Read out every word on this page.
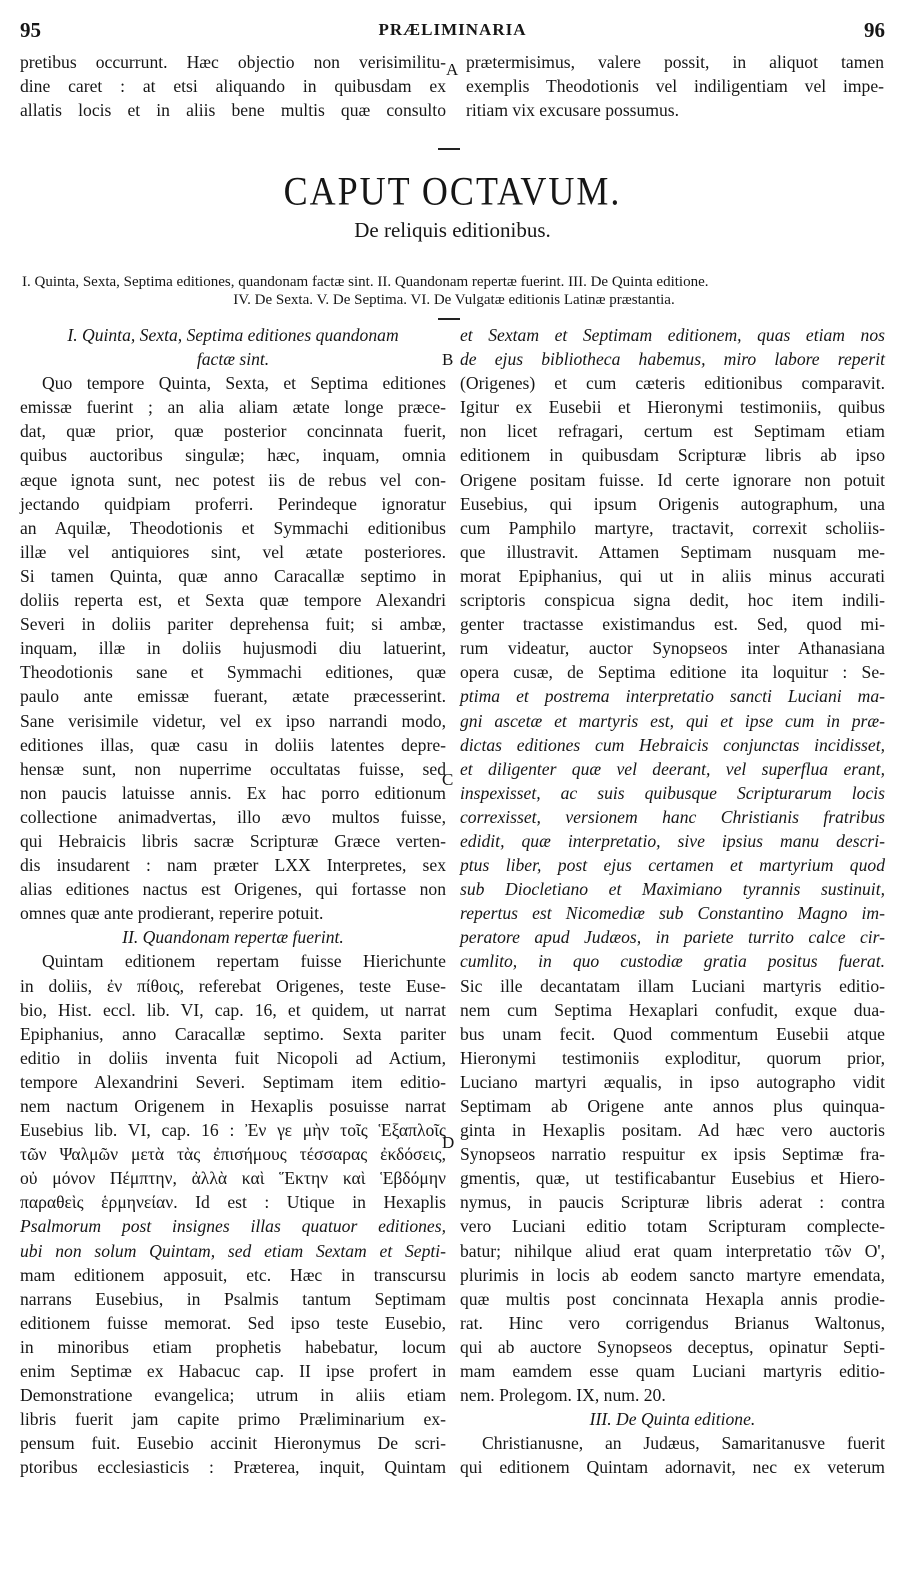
95	PRÆLIMINARIA	96
pretibus occurrunt. Hæc objectio non verisimilitu-
dine caret : at etsi aliquando in quibusdam ex
allatis locis et in aliis bene multis quæ consulto
prætermisimus, valere possit, in aliquot tamen
exemplis Theodotionis vel indiligentiam vel impe-
ritiam vix excusare possumus.
A
CAPUT OCTAVUM.
De reliquis editionibus.
I. Quinta, Sexta, Septima editiones, quandonam factæ sint. II. Quandonam repertæ fuerint. III. De Quinta editione.
IV. De Sexta. V. De Septima. VI. De Vulgatæ editionis Latinæ præstantia.
I. Quinta, Sexta, Septima editiones quandonam
factæ sint.
Quo tempore Quinta, Sexta, et Septima editiones
emissæ fuerint ; an alia aliam ætate longe præce-
dat, quæ prior, quæ posterior concinnata fuerit,
quibus auctoribus singulæ; hæc, inquam, omnia
æque ignota sunt, nec potest iis de rebus vel con-
jectando quidpiam proferri. Perindeque ignoratur
an Aquilæ, Theodotionis et Symmachi editionibus
illæ vel antiquiores sint, vel ætate posteriores.
Si tamen Quinta, quæ anno Caracallæ septimo in
doliis reperta est, et Sexta quæ tempore Alexandri
Severi in doliis pariter deprehensa fuit; si ambæ,
inquam, illæ in doliis hujusmodi diu latuerint,
Theodotionis sane et Symmachi editiones, quæ
paulo ante emissæ fuerant, ætate præcesserint.
Sane verisimile videtur, vel ex ipso narrandi modo,
editiones illas, quæ casu in doliis latentes depre-
hensæ sunt, non nuperrime occultatas fuisse, sed
non paucis latuisse annis. Ex hac porro editionum
collectione animadvertas, illo ævo multos fuisse,
qui Hebraicis libris sacræ Scripturæ Græce verten-
dis insudarent : nam præter LXX Interpretes, sex
alias editiones nactus est Origenes, qui fortasse non
omnes quæ ante prodierant, reperire potuit.
II. Quandonam repertæ fuerint.
Quintam editionem repertam fuisse Hierichunte
in doliis, ἐν πίθοις, referebat Origenes, teste Euse-
bio, Hist. eccl. lib. VI, cap. 16, et quidem, ut narrat
Epiphanius, anno Caracallæ septimo. Sexta pariter
editio in doliis inventa fuit Nicopoli ad Actium,
tempore Alexandrini Severi. Septimam item editio-
nem nactum Origenem in Hexaplis posuisse narrat
Eusebius lib. VI, cap. 16 : Ἐν γε μὴν τοῖς Ἑξαπλοῖς
τῶν Ψαλμῶν μετὰ τὰς ἐπισήμους τέσσαρας ἐκδόσεις,
οὐ μόνον Πέμπτην, ἀλλὰ καὶ Ἕκτην καὶ Ἑβδόμην
παραθεὶς ἑρμηνείαν. Id est : Utique in Hexaplis
Psalmorum post insignes illas quatuor editiones,
ubi non solum Quintam, sed etiam Sextam et Septi-
mam editionem apposuit, etc. Hæc in transcursu
narrans Eusebius, in Psalmis tantum Septimam
editionem fuisse memorat. Sed ipso teste Eusebio,
in minoribus etiam prophetis habebatur, locum
enim Septimæ ex Habacuc cap. II ipse profert in
Demonstratione evangelica; utrum in aliis etiam
libris fuerit jam capite primo Præliminarium ex-
pensum fuit. Eusebio accinit Hieronymus De scri-
ptoribus ecclesiasticis : Præterea, inquit, Quintam
et Sextam et Septimam editionem, quas etiam nos
de ejus bibliotheca habemus, miro labore reperit
(Origenes) et cum cæteris editionibus comparavit.
Igitur ex Eusebii et Hieronymi testimoniis, quibus
non licet refragari, certum est Septimam etiam
editionem in quibusdam Scripturæ libris ab ipso
Origene positam fuisse. Id certe ignorare non potuit
Eusebius, qui ipsum Origenis autographum, una
cum Pamphilo martyre, tractavit, correxit scholiis-
que illustravit. Attamen Septimam nusquam me-
morat Epiphanius, qui ut in aliis minus accurati
scriptoris conspicua signa dedit, hoc item indili-
genter tractasse existimandus est. Sed, quod mi-
rum videatur, auctor Synopseos inter Athanasiana
opera cusæ, de Septima editione ita loquitur : Se-
ptima et postrema interpretatio sancti Luciani ma-
gni ascetæ et martyris est, qui et ipse cum in præ-
dictas editiones cum Hebraicis conjunctas incidisset,
et diligenter quæ vel deerant, vel superflua erant,
inspexisset, ac suis quibusque Scripturarum locis
correxisset, versionem hanc Christianis fratribus
edidit, quæ interpretatio, sive ipsius manu descri-
ptus liber, post ejus certamen et martyrium quod
sub Diocletiano et Maximiano tyrannis sustinuit,
repertus est Nicomediæ sub Constantino Magno im-
peratore apud Judæos, in pariete turrito calce cir-
cumlito, in quo custodiæ gratia positus fuerat.
Sic ille decantatam illam Luciani martyris editio-
nem cum Septima Hexaplari confudit, exque dua-
bus unam fecit. Quod commentum Eusebii atque
Hieronymi testimoniis exploditur, quorum prior,
Luciano martyri æqualis, in ipso autographo vidit
Septimam ab Origene ante annos plus quinqua-
ginta in Hexaplis positam. Ad hæc vero auctoris
Synopseos narratio respuitur ex ipsis Septimæ fra-
gmentis, quæ, ut testificabantur Eusebius et Hiero-
nymus, in paucis Scripturæ libris aderat : contra
vero Luciani editio totam Scripturam complecte-
batur; nihilque aliud erat quam interpretatio τῶν Ο',
plurimis in locis ab eodem sancto martyre emendata,
quæ multis post concinnata Hexapla annis prodie-
rat. Hinc vero corrigendus Brianus Waltonus,
qui ab auctore Synopseos deceptus, opinatur Septi-
mam eamdem esse quam Luciani martyris editio-
nem. Prolegom. IX, num. 20.
III. De Quinta editione.
Christianusne, an Judæus, Samaritanusve fuerit
qui editionem Quintam adornavit, nec ex veterum
B
C
D
